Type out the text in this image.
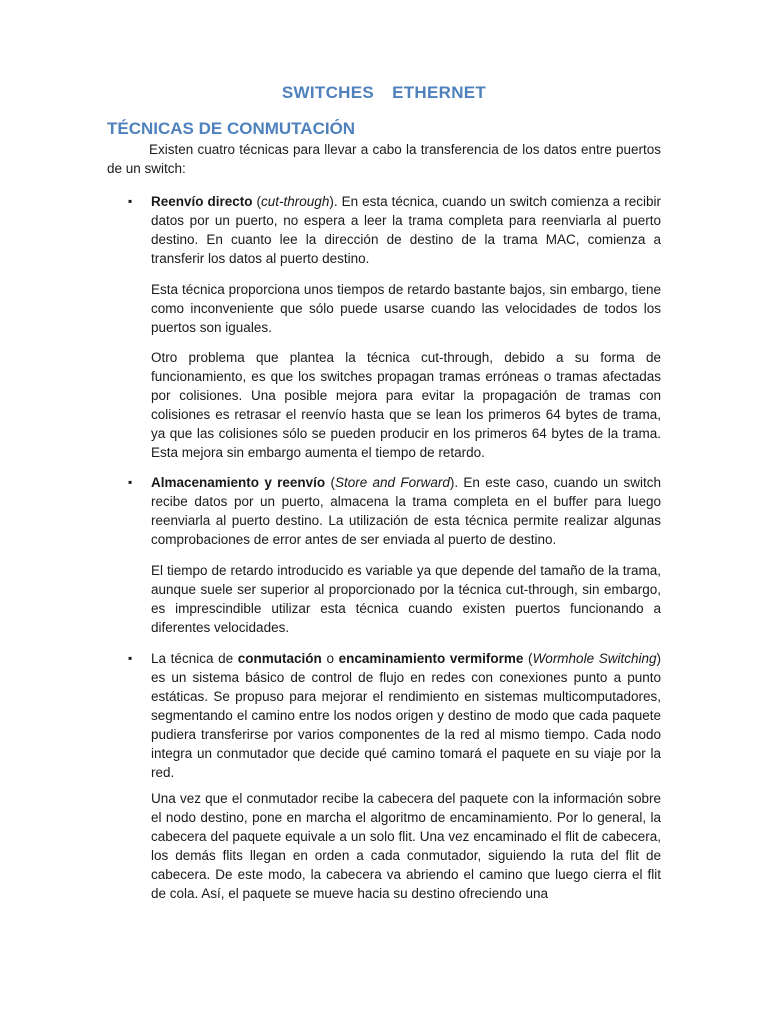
SWITCHES  ETHERNET
TÉCNICAS DE CONMUTACIÓN

Existen cuatro técnicas para llevar a cabo la transferencia de los datos entre puertos de un switch:

▪ Reenvío directo (cut-through). En esta técnica, cuando un switch comienza a recibir datos por un puerto, no espera a leer la trama completa para reenviarla al puerto destino. En cuanto lee la dirección de destino de la trama MAC, comienza a transferir los datos al puerto destino.

Esta técnica proporciona unos tiempos de retardo bastante bajos, sin embargo, tiene como inconveniente que sólo puede usarse cuando las velocidades de todos los puertos son iguales.

Otro problema que plantea la técnica cut-through, debido a su forma de funcionamiento, es que los switches propagan tramas erróneas o tramas afectadas por colisiones. Una posible mejora para evitar la propagación de tramas con colisiones es retrasar el reenvío hasta que se lean los primeros 64 bytes de trama, ya que las colisiones sólo se pueden producir en los primeros 64 bytes de la trama. Esta mejora sin embargo aumenta el tiempo de retardo.

▪ Almacenamiento y reenvío (Store and Forward). En este caso, cuando un switch recibe datos por un puerto, almacena la trama completa en el buffer para luego reenviarla al puerto destino. La utilización de esta técnica permite realizar algunas comprobaciones de error antes de ser enviada al puerto de destino.

El tiempo de retardo introducido es variable ya que depende del tamaño de la trama, aunque suele ser superior al proporcionado por la técnica cut-through, sin embargo, es imprescindible utilizar esta técnica cuando existen puertos funcionando a diferentes velocidades.

▪ La técnica de conmutación o encaminamiento vermiforme (Wormhole Switching) es un sistema básico de control de flujo en redes con conexiones punto a punto estáticas. Se propuso para mejorar el rendimiento en sistemas multicomputadores, segmentando el camino entre los nodos origen y destino de modo que cada paquete pudiera transferirse por varios componentes de la red al mismo tiempo. Cada nodo integra un conmutador que decide qué camino tomará el paquete en su viaje por la red.

Una vez que el conmutador recibe la cabecera del paquete con la información sobre el nodo destino, pone en marcha el algoritmo de encaminamiento. Por lo general, la cabecera del paquete equivale a un solo flit. Una vez encaminado el flit de cabecera, los demás flits llegan en orden a cada conmutador, siguiendo la ruta del flit de cabecera. De este modo, la cabecera va abriendo el camino que luego cierra el flit de cola. Así, el paquete se mueve hacia su destino ofreciendo una
